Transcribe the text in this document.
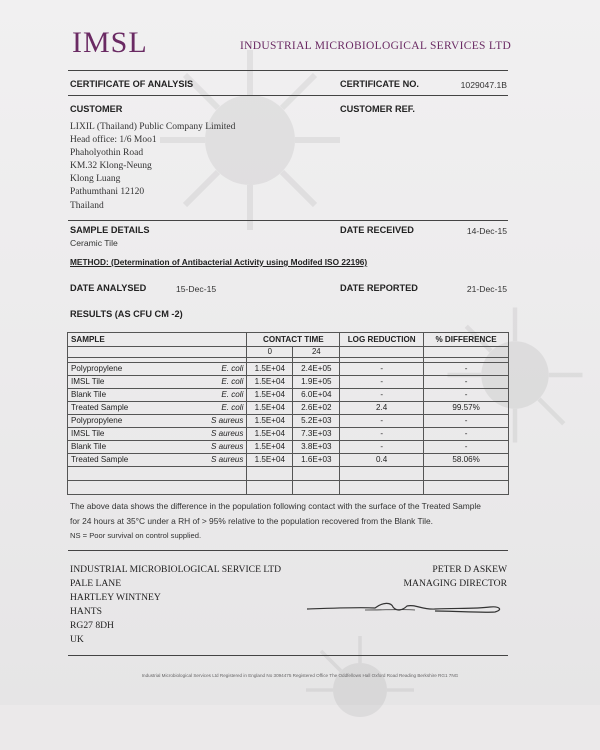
IMSL	INDUSTRIAL MICROBIOLOGICAL SERVICES LTD
CERTIFICATE OF ANALYSIS	CERTIFICATE NO.	1029047.1B
CUSTOMER	CUSTOMER REF.
LIXIL (Thailand) Public Company Limited
Head office: 1/6 Moo1
Phaholyothin Road
KM.32 Klong-Neung
Klong Luang
Pathumthani 12120
Thailand
SAMPLE DETAILS	DATE RECEIVED	14-Dec-15
Ceramic Tile
METHOD: (Determination of Antibacterial Activity using Modifed ISO 22196)
DATE ANALYSED	15-Dec-15	DATE REPORTED	21-Dec-15
RESULTS (AS CFU CM -2)
SAMPLE	CONTACT TIME		LOG REDUCTION	% DIFFERENCE
	0	24		

Polypropylene E. coli	1.5E+04	2.4E+05	-	-
IMSL Tile E. coli	1.5E+04	1.9E+05	-	-
Blank Tile E. coli	1.5E+04	6.0E+04	-	-
Treated Sample E. coli	1.5E+04	2.6E+02	2.4	99.57%
Polypropylene S aureus	1.5E+04	5.2E+03	-	-
IMSL Tile S aureus	1.5E+04	7.3E+03	-	-
Blank Tile S aureus	1.5E+04	3.8E+03	-	-
Treated Sample S aureus	1.5E+04	1.6E+03	0.4	58.06%

The above data shows the difference in the population following contact with the surface of the Treated Sample
for 24 hours at 35°C under a RH of > 95% relative to the population recovered from the Blank Tile.
NS = Poor survival on control supplied.
INDUSTRIAL MICROBIOLOGICAL SERVICE LTD
PALE LANE
HARTLEY WINTNEY
HANTS
RG27 8DH
UK
PETER D ASKEW
MANAGING DIRECTOR
Industrial Microbiological Services Ltd Registered in England No 3094475 Registered Office The Oddfellows Hall Oxford Road Reading Berkshire RG1 7NG
